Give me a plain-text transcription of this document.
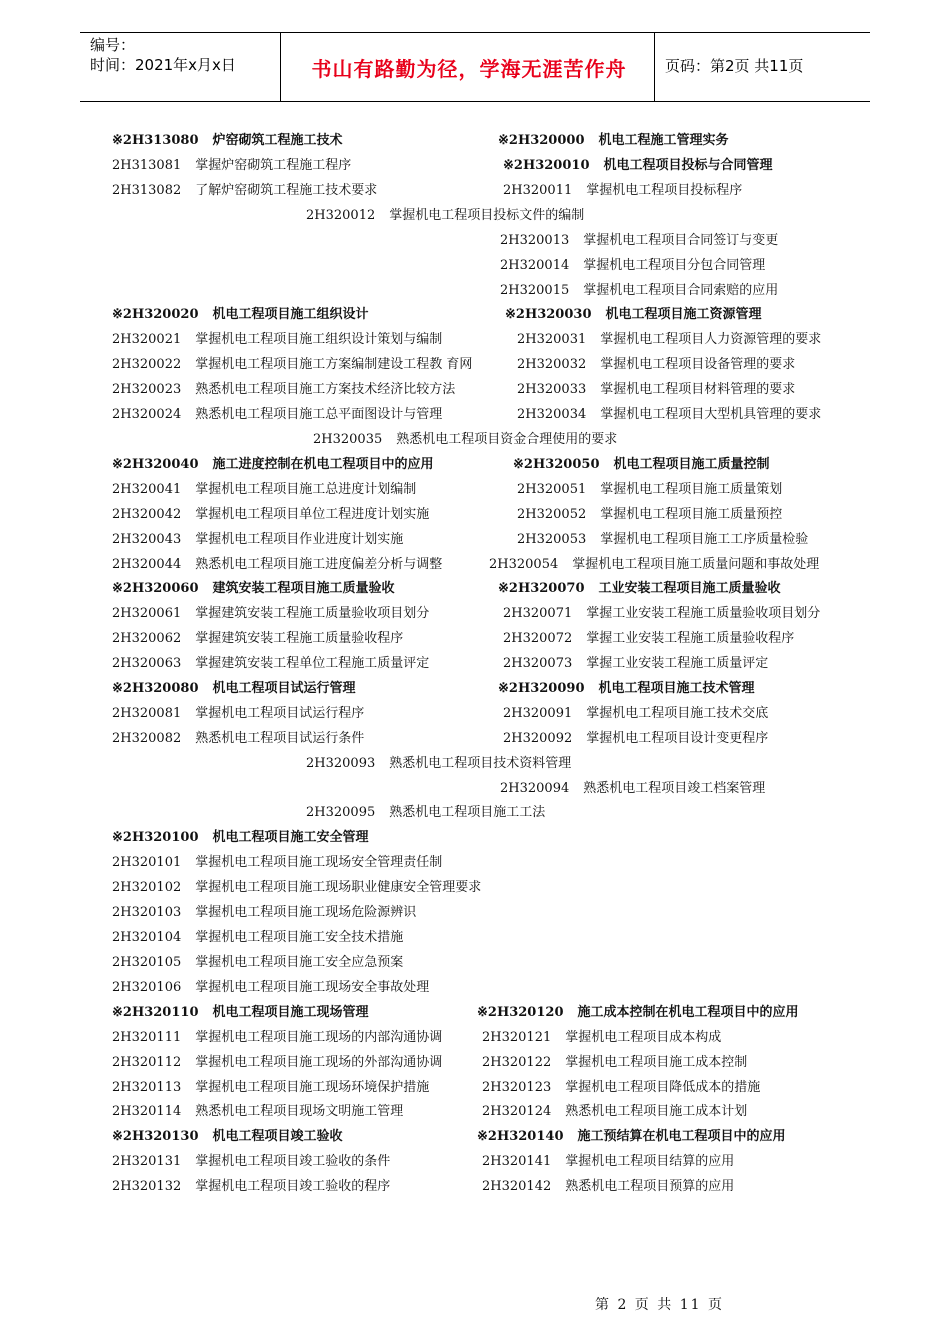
编号：
时间：2021年x月x日	书山有路勤为径，学海无涯苦作舟	页码：第2页 共11页
※2H313080 炉窑砌筑工程施工技术	※2H320000 机电工程施工管理实务
2H313081 掌握炉窑砌筑工程施工程序	※2H320010 机电工程项目投标与合同管理
2H313082 了解炉窑砌筑工程施工技术要求	2H320011 掌握机电工程项目投标程序
2H320012 掌握机电工程项目投标文件的编制
2H320013 掌握机电工程项目合同签订与变更
2H320014 掌握机电工程项目分包合同管理
2H320015 掌握机电工程项目合同索赔的应用
※2H320020 机电工程项目施工组织设计	※2H320030 机电工程项目施工资源管理
2H320021 掌握机电工程项目施工组织设计策划与编制	2H320031 掌握机电工程项目人力资源管理的要求
2H320022 掌握机电工程项目施工方案编制建设工程教 育网	2H320032 掌握机电工程项目设备管理的要求
2H320023 熟悉机电工程项目施工方案技术经济比较方法	2H320033 掌握机电工程项目材料管理的要求
2H320024 熟悉机电工程项目施工总平面图设计与管理	2H320034 掌握机电工程项目大型机具管理的要求
2H320035 熟悉机电工程项目资金合理使用的要求
※2H320040 施工进度控制在机电工程项目中的应用	※2H320050 机电工程项目施工质量控制
2H320041 掌握机电工程项目施工总进度计划编制	2H320051 掌握机电工程项目施工质量策划
2H320042 掌握机电工程项目单位工程进度计划实施	2H320052 掌握机电工程项目施工质量预控
2H320043 掌握机电工程项目作业进度计划实施	2H320053 掌握机电工程项目施工工序质量检验
2H320044 熟悉机电工程项目施工进度偏差分析与调整	2H320054 掌握机电工程项目施工质量问题和事故处理
※2H320060 建筑安装工程项目施工质量验收	※2H320070 工业安装工程项目施工质量验收
2H320061 掌握建筑安装工程施工质量验收项目划分	2H320071 掌握工业安装工程施工质量验收项目划分
2H320062 掌握建筑安装工程施工质量验收程序	2H320072 掌握工业安装工程施工质量验收程序
2H320063 掌握建筑安装工程单位工程施工质量评定	2H320073 掌握工业安装工程施工质量评定
※2H320080 机电工程项目试运行管理	※2H320090 机电工程项目施工技术管理
2H320081 掌握机电工程项目试运行程序	2H320091 掌握机电工程项目施工技术交底
2H320082 熟悉机电工程项目试运行条件	2H320092 掌握机电工程项目设计变更程序
2H320093 熟悉机电工程项目技术资料管理
2H320094 熟悉机电工程项目竣工档案管理
2H320095 熟悉机电工程项目施工工法
※2H320100 机电工程项目施工安全管理
2H320101 掌握机电工程项目施工现场安全管理责任制
2H320102 掌握机电工程项目施工现场职业健康安全管理要求
2H320103 掌握机电工程项目施工现场危险源辨识
2H320104 掌握机电工程项目施工安全技术措施
2H320105 掌握机电工程项目施工安全应急预案
2H320106 掌握机电工程项目施工现场安全事故处理
※2H320110 机电工程项目施工现场管理	※2H320120 施工成本控制在机电工程项目中的应用
2H320111 掌握机电工程项目施工现场的内部沟通协调	2H320121 掌握机电工程项目成本构成
2H320112 掌握机电工程项目施工现场的外部沟通协调	2H320122 掌握机电工程项目施工成本控制
2H320113 掌握机电工程项目施工现场环境保护措施	2H320123 掌握机电工程项目降低成本的措施
2H320114 熟悉机电工程项目现场文明施工管理	2H320124 熟悉机电工程项目施工成本计划
※2H320130 机电工程项目竣工验收	※2H320140 施工预结算在机电工程项目中的应用
2H320131 掌握机电工程项目竣工验收的条件	2H320141 掌握机电工程项目结算的应用
2H320132 掌握机电工程项目竣工验收的程序	2H320142 熟悉机电工程项目预算的应用
第 2 页 共 11 页
